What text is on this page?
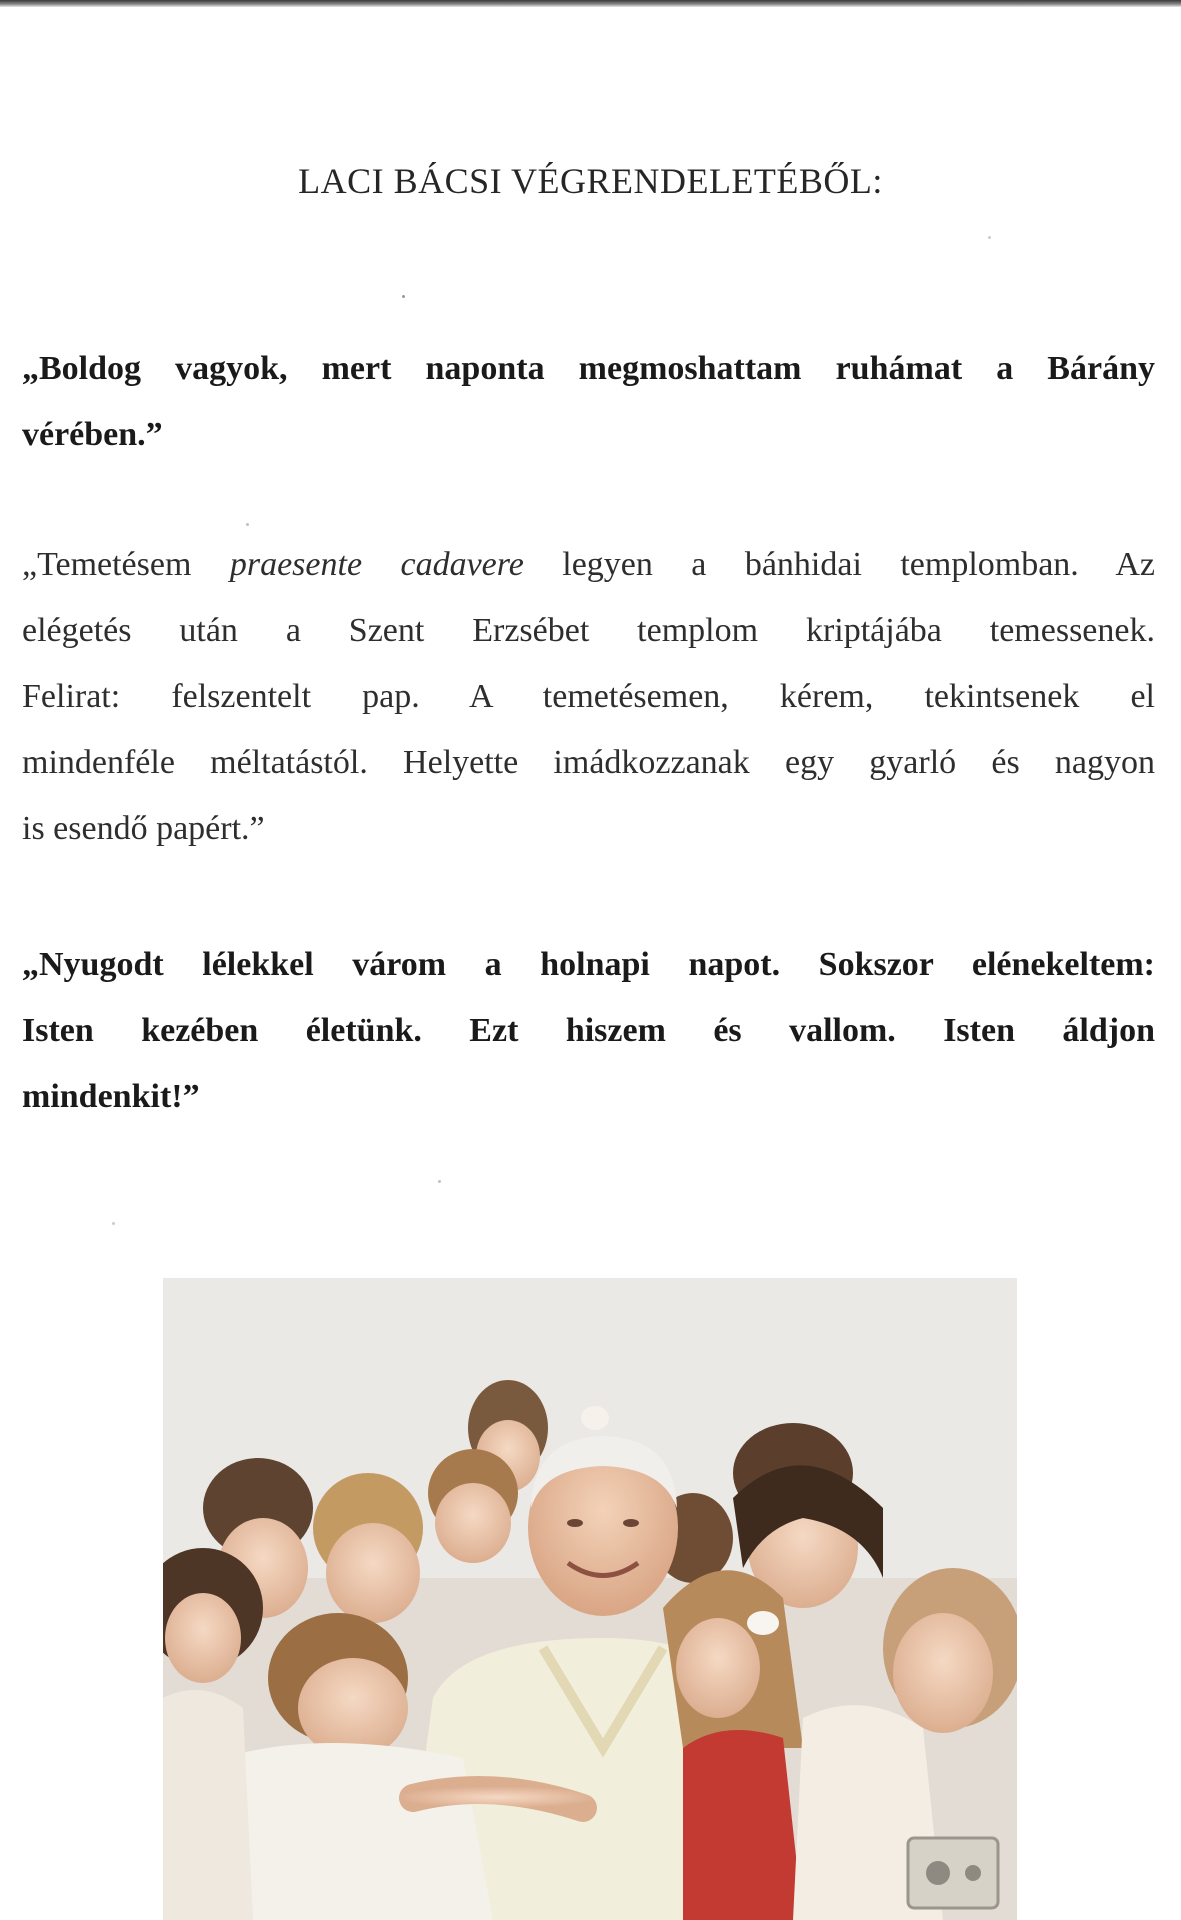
LACI BÁCSI VÉGRENDELETÉBŐL:
„Boldog vagyok, mert naponta megmoshattam ruhámat a Bárány
vérében.”
„Temetésem praesente cadavere legyen a bánhidai templomban. Az
elégetés után a Szent Erzsébet templom kriptájába temessenek.
Felirat: felszentelt pap. A temetésemen, kérem, tekintsenek el
mindenféle méltatástól. Helyette imádkozzanak egy gyarló és nagyon
is esendő papért.”
„Nyugodt lélekkel várom a holnapi napot. Sokszor elénekeltem:
Isten kezében életünk. Ezt hiszem és vallom. Isten áldjon
mindenkit!”
